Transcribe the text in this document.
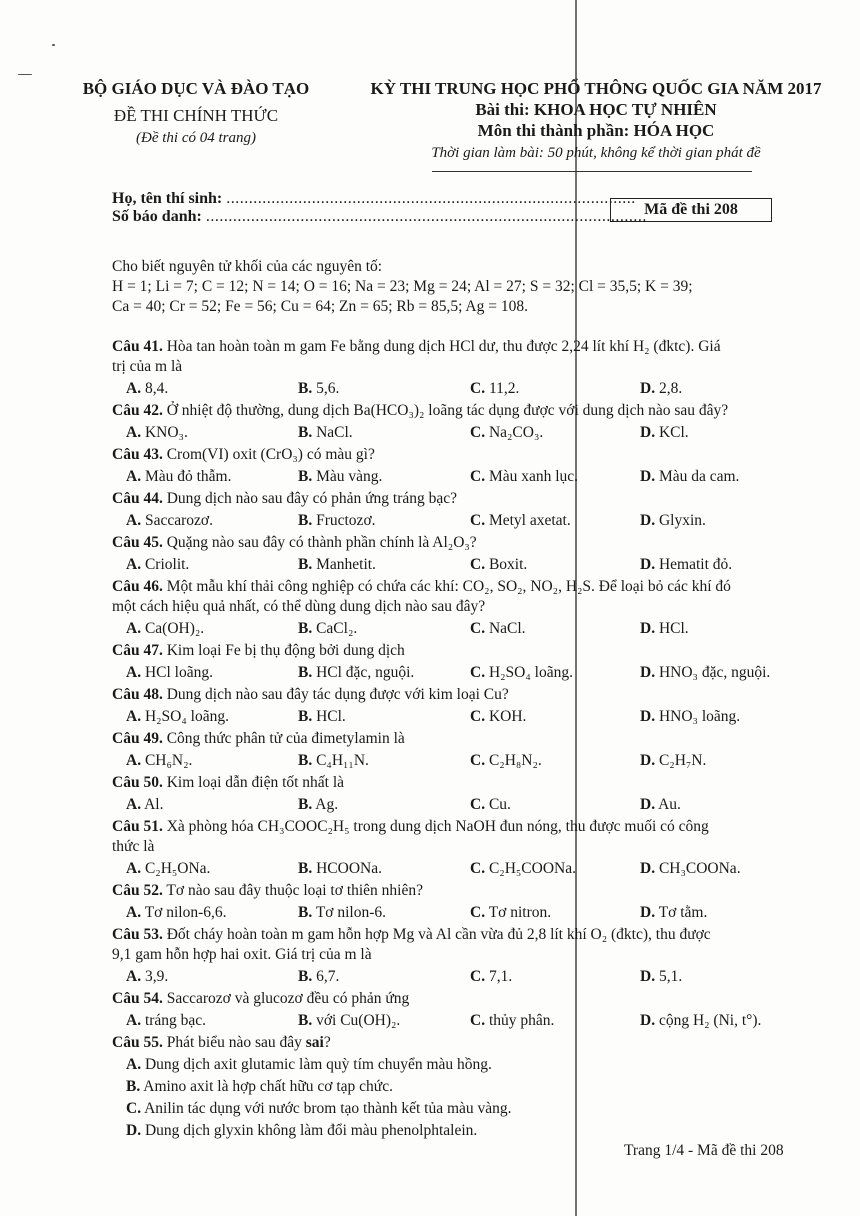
BỘ GIÁO DỤC VÀ ĐÀO TẠO
ĐỀ THI CHÍNH THỨC
(Đề thi có 04 trang)
KỲ THI TRUNG HỌC PHỔ THÔNG QUỐC GIA NĂM 2017
Bài thi: KHOA HỌC TỰ NHIÊN
Môn thi thành phần: HÓA HỌC
Thời gian làm bài: 50 phút, không kể thời gian phát đề
Họ, tên thí sinh: ...........................................................................................
Số báo danh: ..................................................................................................
Mã đề thi 208
Cho biết nguyên tử khối của các nguyên tố:
H = 1; Li = 7; C = 12; N = 14; O = 16; Na = 23; Mg = 24; Al = 27; S = 32; Cl = 35,5; K = 39;
Ca = 40; Cr = 52; Fe = 56; Cu = 64; Zn = 65; Rb = 85,5; Ag = 108.
Câu 41. Hòa tan hoàn toàn m gam Fe bằng dung dịch HCl dư, thu được 2,24 lít khí H₂ (đktc). Giá
trị của m là
A. 8,4.	B. 5,6.	C. 11,2.	D. 2,8.
Câu 42. Ở nhiệt độ thường, dung dịch Ba(HCO₃)₂ loãng tác dụng được với dung dịch nào sau đây?
A. KNO₃.	B. NaCl.	C. Na₂CO₃.	D. KCl.
Câu 43. Crom(VI) oxit (CrO₃) có màu gì?
A. Màu đỏ thẫm.	B. Màu vàng.	C. Màu xanh lục.	D. Màu da cam.
Câu 44. Dung dịch nào sau đây có phản ứng tráng bạc?
A. Saccarozơ.	B. Fructozơ.	C. Metyl axetat.	D. Glyxin.
Câu 45. Quặng nào sau đây có thành phần chính là Al₂O₃?
A. Criolit.	B. Manhetit.	C. Boxit.	D. Hematit đỏ.
Câu 46. Một mẫu khí thải công nghiệp có chứa các khí: CO₂, SO₂, NO₂, H₂S. Để loại bỏ các khí đó
một cách hiệu quả nhất, có thể dùng dung dịch nào sau đây?
A. Ca(OH)₂.	B. CaCl₂.	C. NaCl.	D. HCl.
Câu 47. Kim loại Fe bị thụ động bởi dung dịch
A. HCl loãng.	B. HCl đặc, nguội.	C. H₂SO₄ loãng.	D. HNO₃ đặc, nguội.
Câu 48. Dung dịch nào sau đây tác dụng được với kim loại Cu?
A. H₂SO₄ loãng.	B. HCl.	C. KOH.	D. HNO₃ loãng.
Câu 49. Công thức phân tử của đimetylamin là
A. CH₆N₂.	B. C₄H₁₁N.	C. C₂H₈N₂.	D. C₂H₇N.
Câu 50. Kim loại dẫn điện tốt nhất là
A. Al.	B. Ag.	C. Cu.	D. Au.
Câu 51. Xà phòng hóa CH₃COOC₂H₅ trong dung dịch NaOH đun nóng, thu được muối có công
thức là
A. C₂H₅ONa.	B. HCOONa.	C. C₂H₅COONa.	D. CH₃COONa.
Câu 52. Tơ nào sau đây thuộc loại tơ thiên nhiên?
A. Tơ nilon-6,6.	B. Tơ nilon-6.	C. Tơ nitron.	D. Tơ tằm.
Câu 53. Đốt cháy hoàn toàn m gam hỗn hợp Mg và Al cần vừa đủ 2,8 lít khí O₂ (đktc), thu được
9,1 gam hỗn hợp hai oxit. Giá trị của m là
A. 3,9.	B. 6,7.	C. 7,1.	D. 5,1.
Câu 54. Saccarozơ và glucozơ đều có phản ứng
A. tráng bạc.	B. với Cu(OH)₂.	C. thủy phân.	D. cộng H₂ (Ni, t°).
Câu 55. Phát biểu nào sau đây sai?
A. Dung dịch axit glutamic làm quỳ tím chuyển màu hồng.
B. Amino axit là hợp chất hữu cơ tạp chức.
C. Anilin tác dụng với nước brom tạo thành kết tủa màu vàng.
D. Dung dịch glyxin không làm đổi màu phenolphtalein.
Trang 1/4 - Mã đề thi 208
